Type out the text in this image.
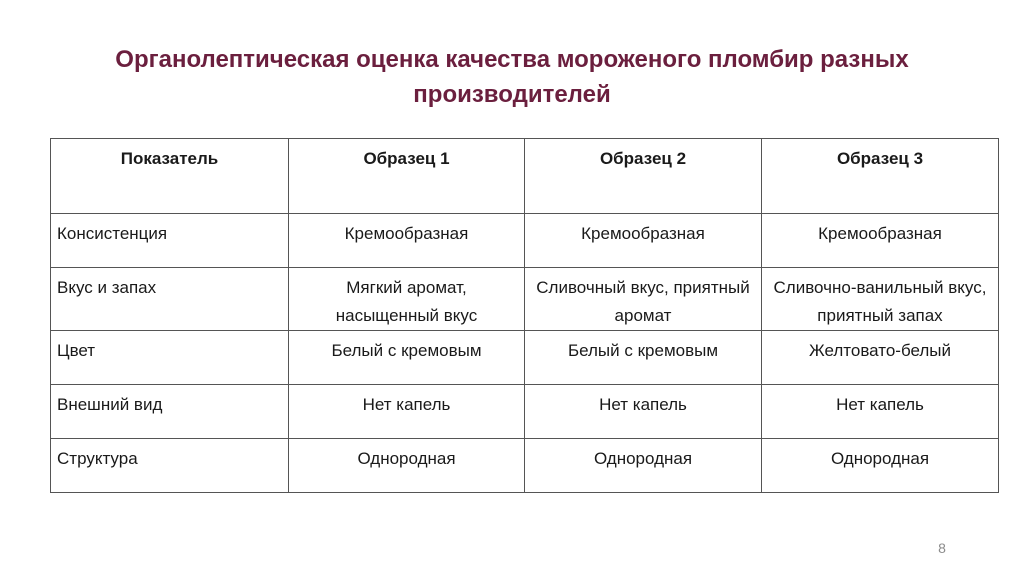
Органолептическая оценка качества мороженого пломбир разных
производителей
Показатель	Образец 1	Образец 2	Образец 3
Консистенция	Кремообразная	Кремообразная	Кремообразная
Вкус и запах	Мягкий аромат, насыщенный вкус	Сливочный вкус, приятный аромат	Сливочно-ванильный вкус, приятный запах
Цвет	Белый с кремовым	Белый с кремовым	Желтовато-белый
Внешний вид	Нет капель	Нет капель	Нет капель
Структура	Однородная	Однородная	Однородная
8
